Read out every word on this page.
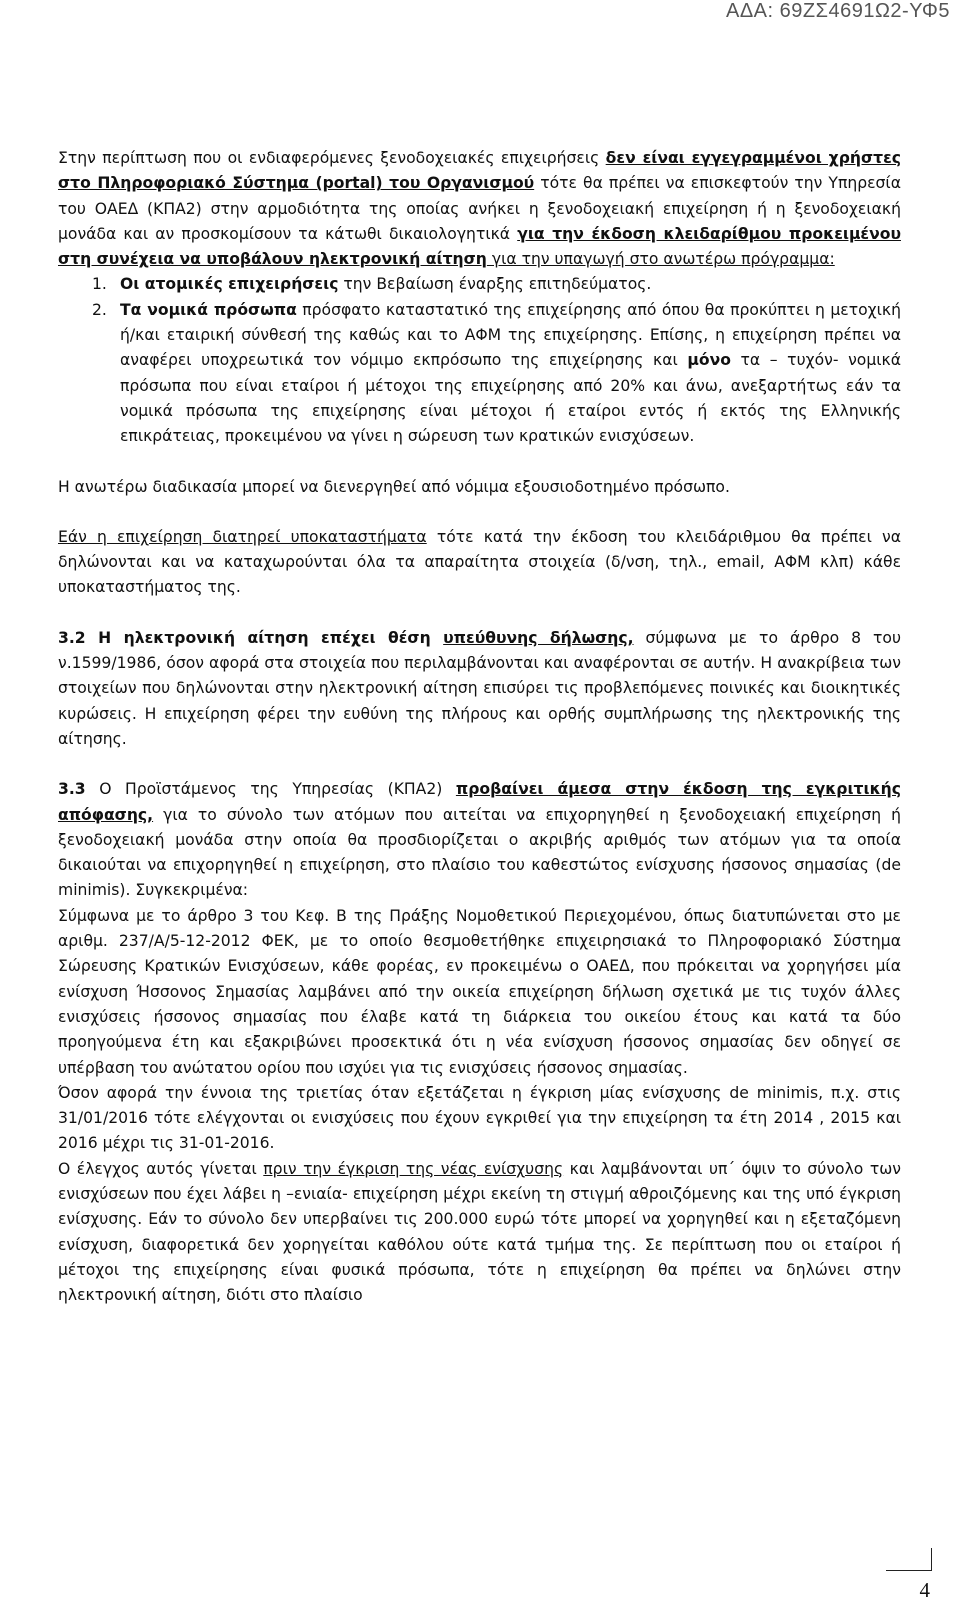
ΑΔΑ: 69ΖΣ4691Ω2-ΥΦ5

Στην περίπτωση που οι ενδιαφερόμενες ξενοδοχειακές επιχειρήσεις δεν είναι εγγεγραμμένοι χρήστες στο Πληροφοριακό Σύστημα (portal) του Οργανισμού τότε θα πρέπει να επισκεφτούν την Υπηρεσία του ΟΑΕΔ (ΚΠΑ2) στην αρμοδιότητα της οποίας ανήκει η ξενοδοχειακή επιχείρηση ή η ξενοδοχειακή μονάδα και αν προσκομίσουν τα κάτωθι δικαιολογητικά για την έκδοση κλειδαρίθμου προκειμένου στη συνέχεια να υποβάλουν ηλεκτρονική αίτηση για την υπαγωγή στο ανωτέρω πρόγραμμα:

1. Οι ατομικές επιχειρήσεις την Βεβαίωση έναρξης επιτηδεύματος.
2. Τα νομικά πρόσωπα πρόσφατο καταστατικό της επιχείρησης από όπου θα προκύπτει η μετοχική ή/και εταιρική σύνθεσή της καθώς και το ΑΦΜ της επιχείρησης. Επίσης, η επιχείρηση πρέπει να αναφέρει υποχρεωτικά τον νόμιμο εκπρόσωπο της επιχείρησης και μόνο τα – τυχόν- νομικά πρόσωπα που είναι εταίροι ή μέτοχοι της επιχείρησης από 20% και άνω, ανεξαρτήτως εάν τα νομικά πρόσωπα της επιχείρησης είναι μέτοχοι ή εταίροι εντός ή εκτός της Ελληνικής επικράτειας, προκειμένου να γίνει η σώρευση των κρατικών ενισχύσεων.

Η ανωτέρω διαδικασία μπορεί να διενεργηθεί από νόμιμα εξουσιοδοτημένο πρόσωπο.

Εάν η επιχείρηση διατηρεί υποκαταστήματα τότε κατά την έκδοση του κλειδάριθμου θα πρέπει να δηλώνονται και να καταχωρούνται όλα τα απαραίτητα στοιχεία (δ/νση, τηλ., email, ΑΦΜ κλπ) κάθε υποκαταστήματος της.

3.2 Η ηλεκτρονική αίτηση επέχει θέση υπεύθυνης δήλωσης, σύμφωνα με το άρθρο 8 του ν.1599/1986, όσον αφορά στα στοιχεία που περιλαμβάνονται και αναφέρονται σε αυτήν. Η ανακρίβεια των στοιχείων που δηλώνονται στην ηλεκτρονική αίτηση επισύρει τις προβλεπόμενες ποινικές και διοικητικές κυρώσεις. Η επιχείρηση φέρει την ευθύνη της πλήρους και ορθής συμπλήρωσης της ηλεκτρονικής της αίτησης.

3.3 Ο Προϊστάμενος της Υπηρεσίας (ΚΠΑ2) προβαίνει άμεσα στην έκδοση της εγκριτικής απόφασης, για το σύνολο των ατόμων που αιτείται να επιχορηγηθεί η ξενοδοχειακή επιχείρηση ή ξενοδοχειακή μονάδα στην οποία θα προσδιορίζεται ο ακριβής αριθμός των ατόμων για τα οποία δικαιούται να επιχορηγηθεί η επιχείρηση, στο πλαίσιο του καθεστώτος ενίσχυσης ήσσονος σημασίας (de minimis). Συγκεκριμένα:

Σύμφωνα με το άρθρο 3 του Κεφ. Β της Πράξης Νομοθετικού Περιεχομένου, όπως διατυπώνεται στο με αριθμ. 237/Α/5-12-2012 ΦΕΚ, με το οποίο θεσμοθετήθηκε επιχειρησιακά το Πληροφοριακό Σύστημα Σώρευσης Κρατικών Ενισχύσεων, κάθε φορέας, εν προκειμένω ο ΟΑΕΔ, που πρόκειται να χορηγήσει μία ενίσχυση Ήσσονος Σημασίας λαμβάνει από την οικεία επιχείρηση δήλωση σχετικά με τις τυχόν άλλες ενισχύσεις ήσσονος σημασίας που έλαβε κατά τη διάρκεια του οικείου έτους και κατά τα δύο προηγούμενα έτη και εξακριβώνει προσεκτικά ότι η νέα ενίσχυση ήσσονος σημασίας δεν οδηγεί σε υπέρβαση του ανώτατου ορίου που ισχύει για τις ενισχύσεις ήσσονος σημασίας.

Όσον αφορά την έννοια της τριετίας όταν εξετάζεται η έγκριση μίας ενίσχυσης de minimis, π.χ. στις 31/01/2016 τότε ελέγχονται οι ενισχύσεις που έχουν εγκριθεί για την επιχείρηση τα έτη 2014 , 2015 και 2016 μέχρι τις 31-01-2016.

Ο έλεγχος αυτός γίνεται πριν την έγκριση της νέας ενίσχυσης και λαμβάνονται υπ΄ όψιν το σύνολο των ενισχύσεων που έχει λάβει η –ενιαία- επιχείρηση μέχρι εκείνη τη στιγμή αθροιζόμενης και της υπό έγκριση ενίσχυσης. Εάν το σύνολο δεν υπερβαίνει τις 200.000 ευρώ τότε μπορεί να χορηγηθεί και η εξεταζόμενη ενίσχυση, διαφορετικά δεν χορηγείται καθόλου ούτε κατά τμήμα της. Σε περίπτωση που οι εταίροι ή μέτοχοι της επιχείρησης είναι φυσικά πρόσωπα, τότε η επιχείρηση θα πρέπει να δηλώνει στην ηλεκτρονική αίτηση, διότι στο πλαίσιο

4
